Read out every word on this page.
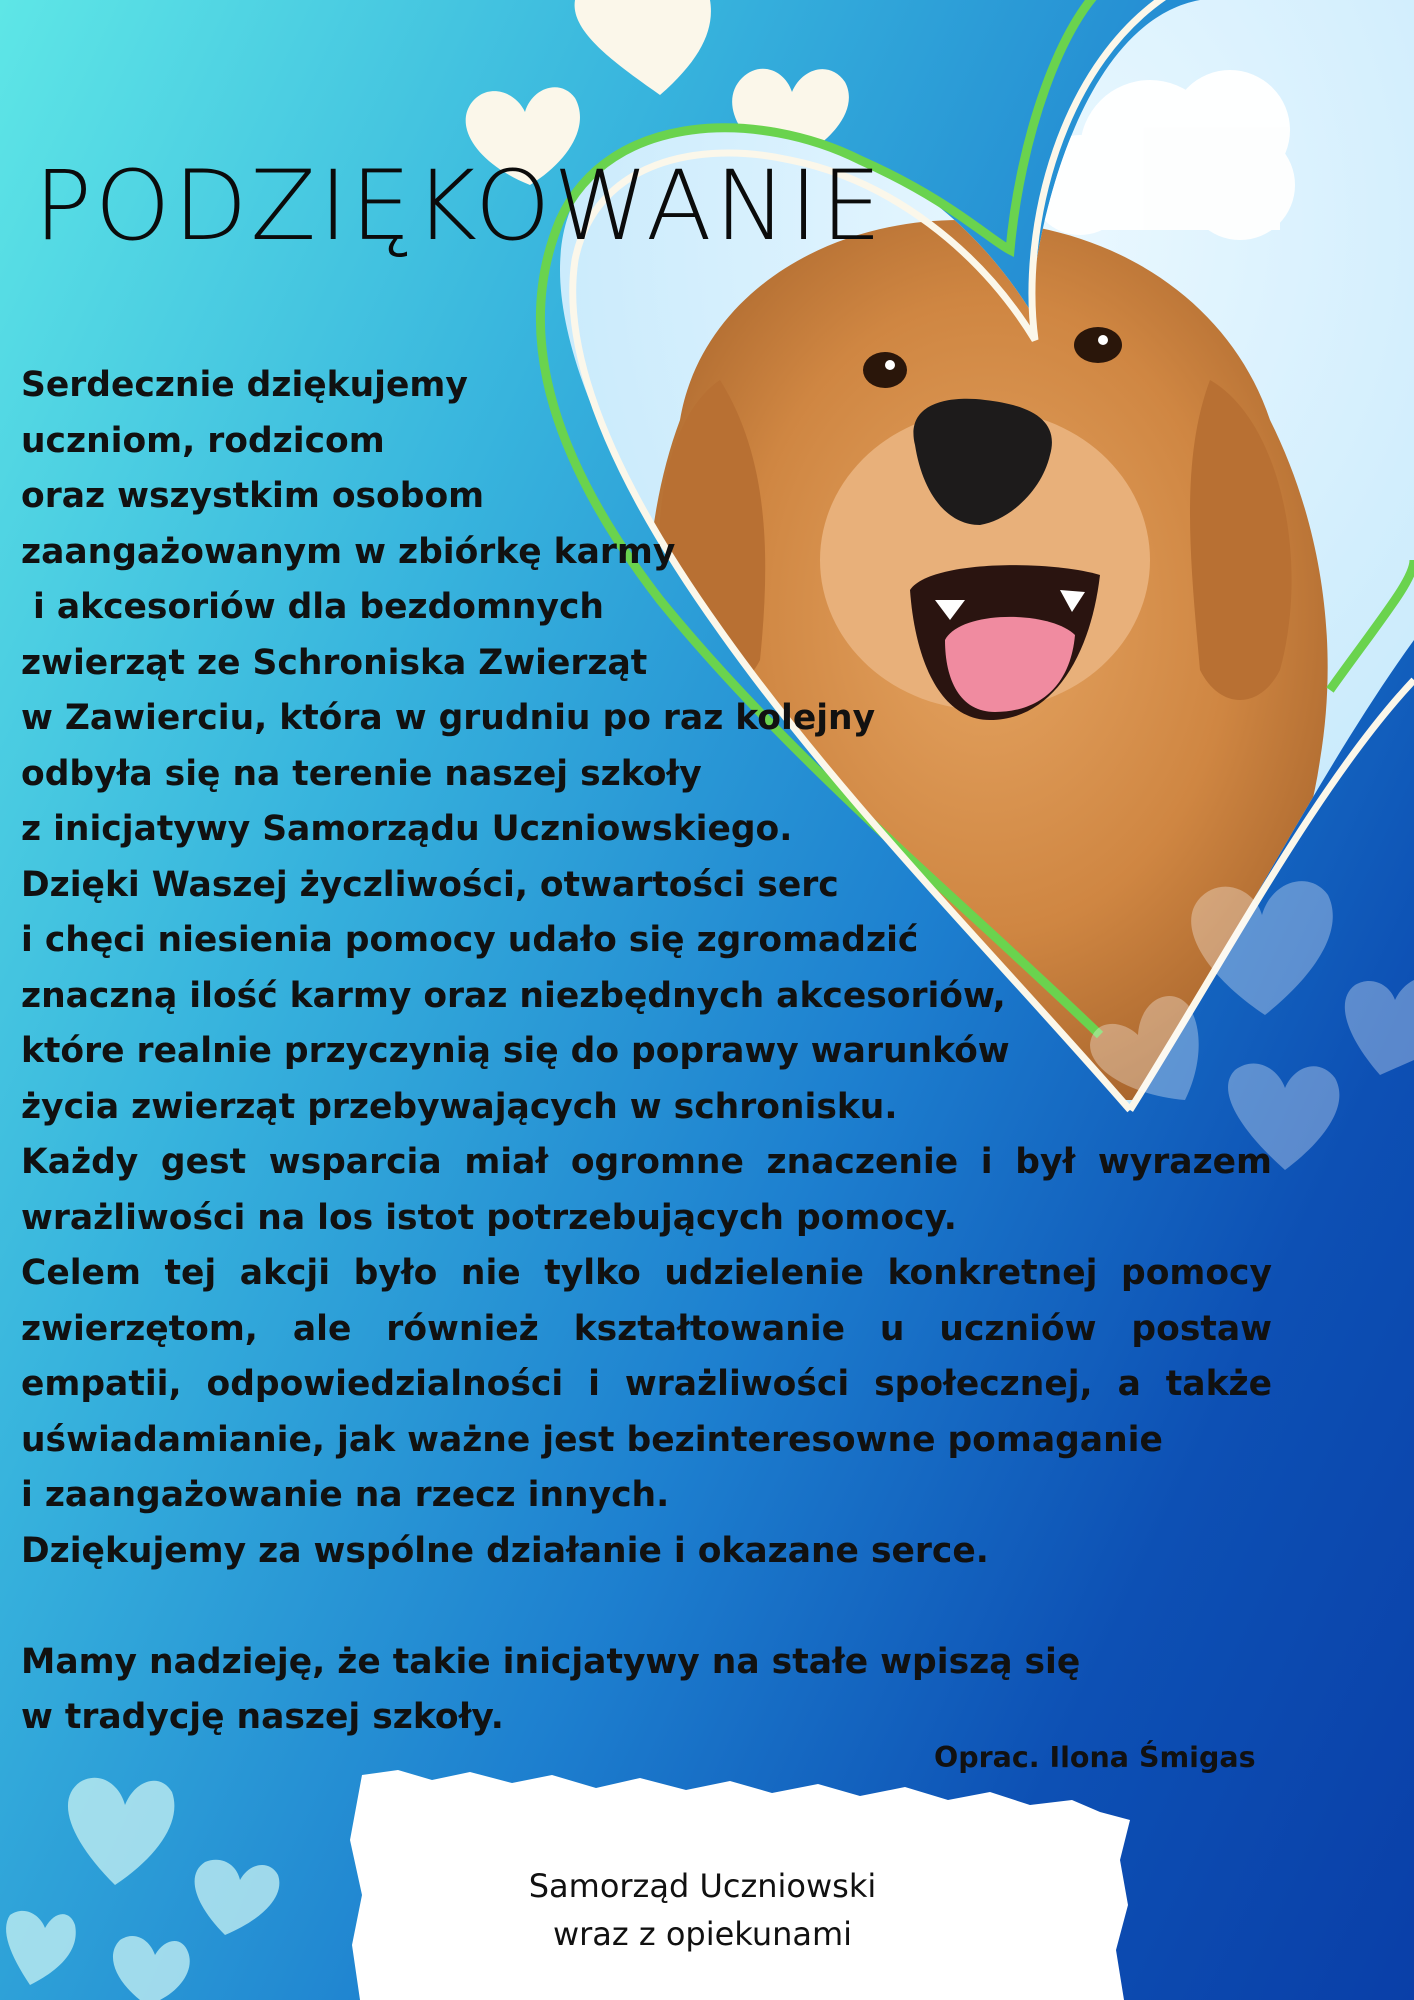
PODZIĘKOWANIE
Serdecznie dziękujemy
uczniom, rodzicom
oraz wszystkim osobom
zaangażowanym w zbiórkę karmy
i akcesoriów dla bezdomnych
zwierząt ze Schroniska Zwierząt
w Zawierciu, która w grudniu po raz kolejny
odbyła się na terenie naszej szkoły
z inicjatywy Samorządu Uczniowskiego.
Dzięki Waszej życzliwości, otwartości serc
i chęci niesienia pomocy udało się zgromadzić
znaczną ilość karmy oraz niezbędnych akcesoriów,
które realnie przyczynią się do poprawy warunków
życia zwierząt przebywających w schronisku.
Każdy gest wsparcia miał ogromne znaczenie i był wyrazem
wrażliwości na los istot potrzebujących pomocy.
Celem tej akcji było nie tylko udzielenie konkretnej pomocy
zwierzętom, ale również kształtowanie u uczniów postaw
empatii, odpowiedzialności i wrażliwości społecznej, a także
uświadamianie, jak ważne jest bezinteresowne pomaganie
i zaangażowanie na rzecz innych.
Dziękujemy za wspólne działanie i okazane serce.
Mamy nadzieję, że takie inicjatywy na stałe wpiszą się
w tradycję naszej szkoły.

Oprac. Ilona Śmigas

Samorząd Uczniowski
wraz z opiekunami
